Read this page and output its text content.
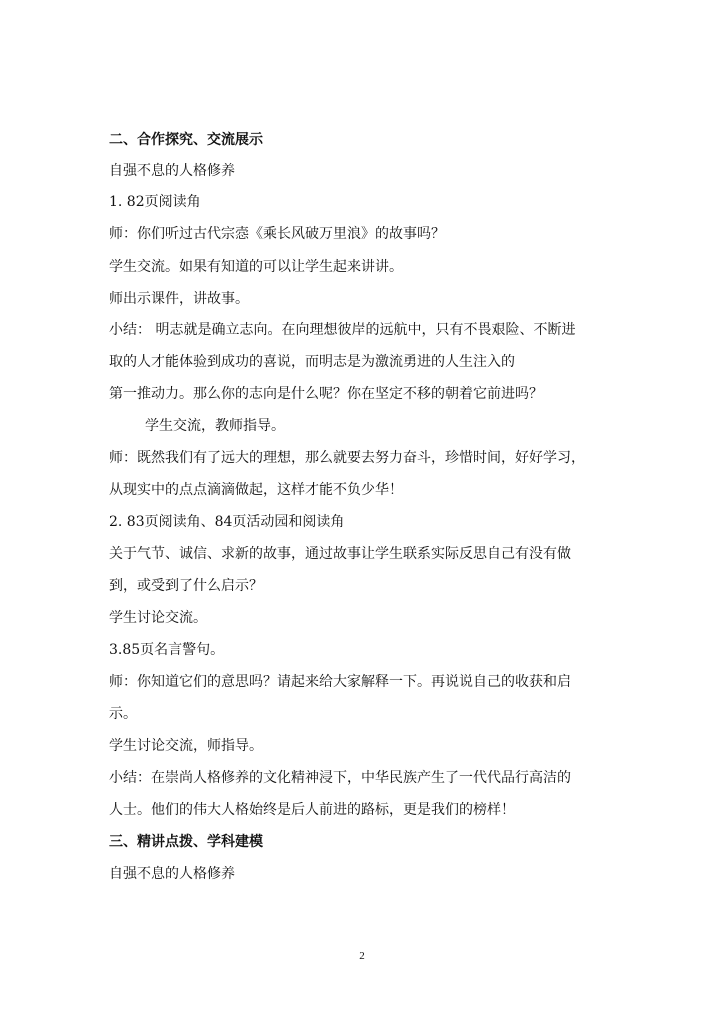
二、合作探究、交流展示
自强不息的人格修养
1. 82页阅读角
师：你们听过古代宗悫《乘长风破万里浪》的故事吗？
学生交流。如果有知道的可以让学生起来讲讲。
师出示课件，讲故事。
小结： 明志就是确立志向。在向理想彼岸的远航中，只有不畏艰险、不断进
取的人才能体验到成功的喜说，而明志是为激流勇进的人生注入的
第一推动力。那么你的志向是什么呢？你在坚定不移的朝着它前进吗？
学生交流，教师指导。
师：既然我们有了远大的理想，那么就要去努力奋斗，珍惜时间，好好学习，
从现实中的点点滴滴做起，这样才能不负少华！
2. 83页阅读角、84页活动园和阅读角
关于气节、诚信、求新的故事，通过故事让学生联系实际反思自己有没有做
到，或受到了什么启示？
学生讨论交流。
3.85页名言警句。
师：你知道它们的意思吗？请起来给大家解释一下。再说说自己的收获和启
示。
学生讨论交流，师指导。
小结：在崇尚人格修养的文化精神浸下，中华民族产生了一代代品行高洁的
人士。他们的伟大人格始终是后人前进的路标，更是我们的榜样！
三、精讲点拨、学科建模
自强不息的人格修养
2
